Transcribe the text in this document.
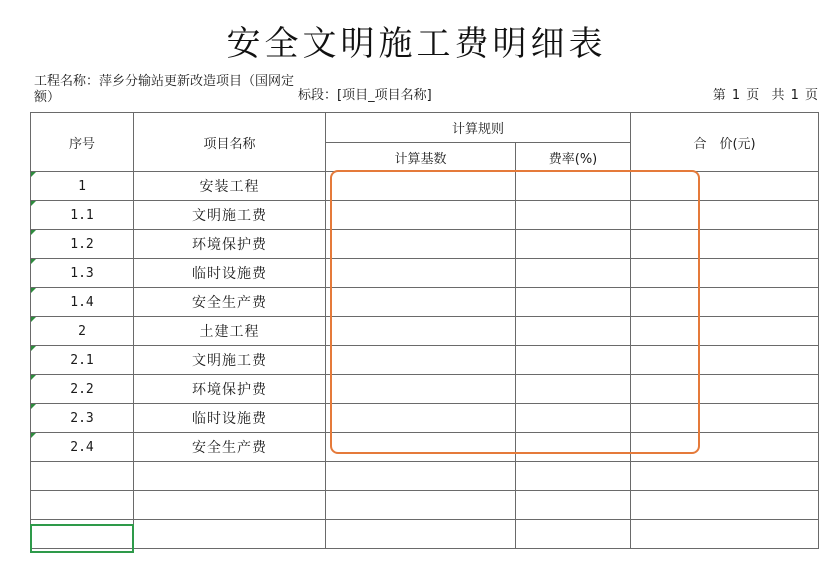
安全文明施工费明细表
工程名称：萍乡分输站更新改造项目（国网定额）	标段：[项目_项目名称]	第 1 页 共 1 页
序号	项目名称	计算规则		合　价(元)
		计算基数	费率(%)	

1	安装工程			

1.1	文明施工费			

1.2	环境保护费			

1.3	临时设施费			

1.4	安全生产费			

2	土建工程			

2.1	文明施工费			

2.2	环境保护费			

2.3	临时设施费			

2.4	安全生产费			
